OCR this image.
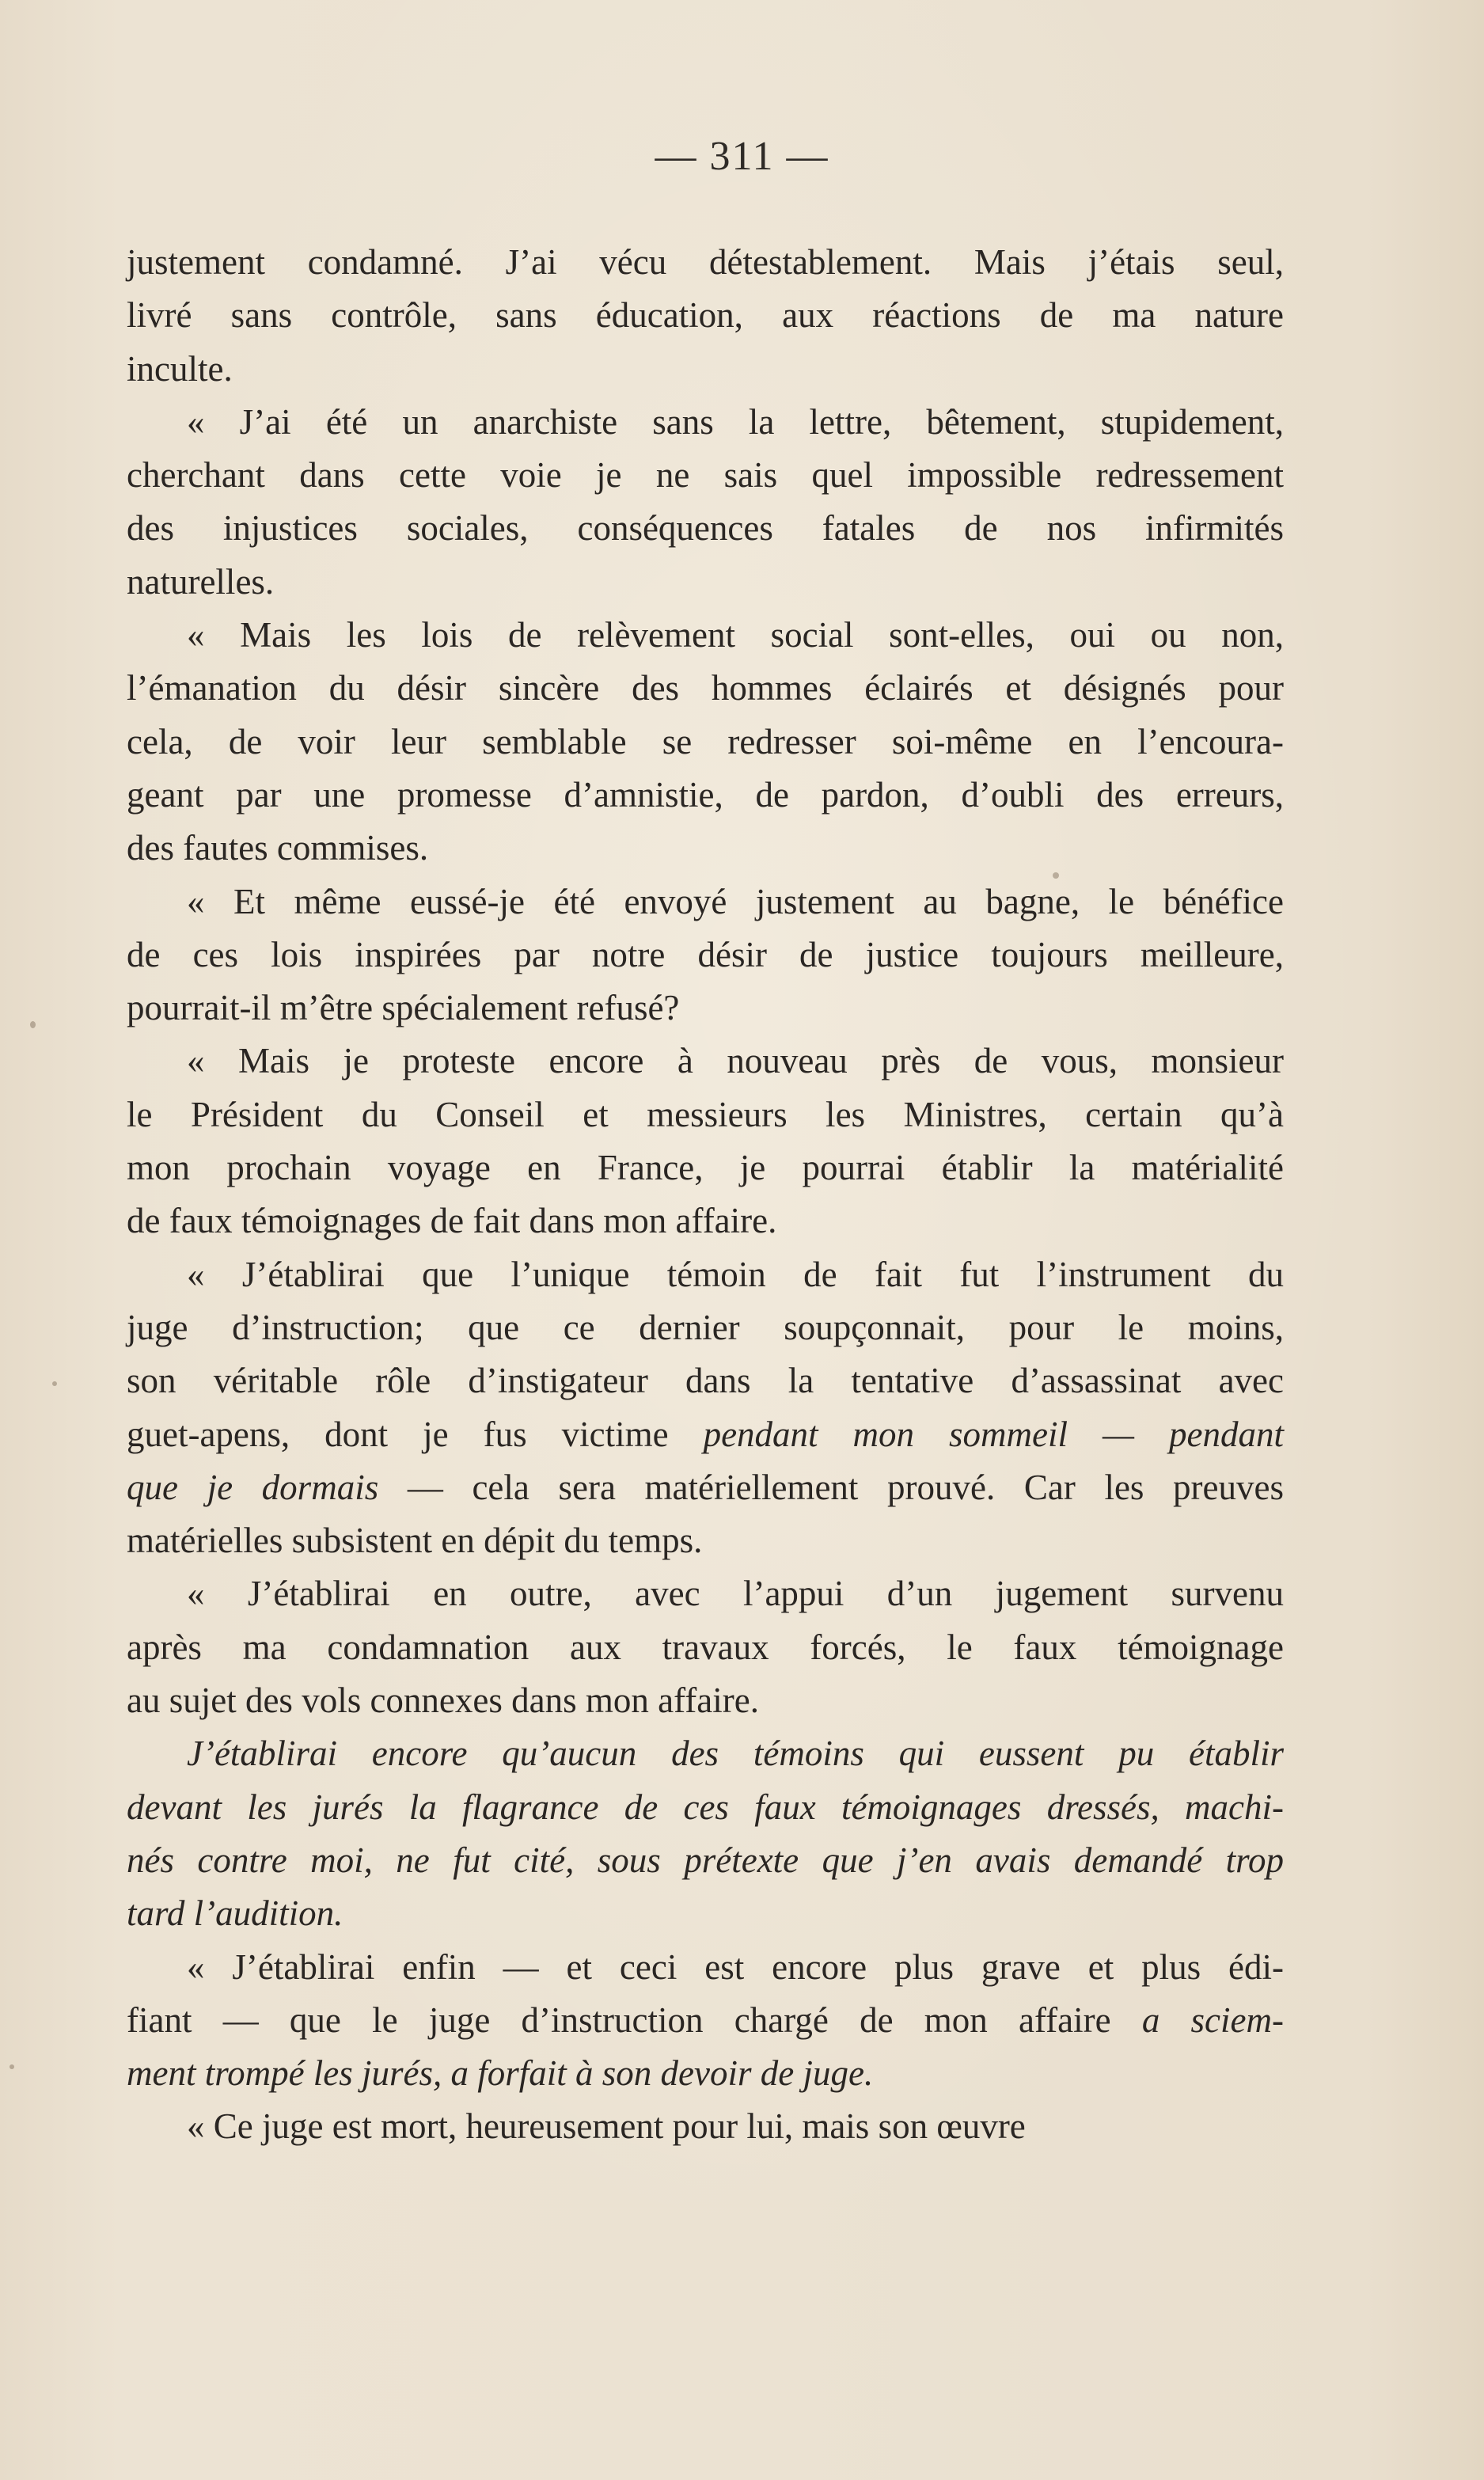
— 311 —
justement condamné. J’ai vécu détestablement. Mais j’étais seul,
livré sans contrôle, sans éducation, aux réactions de ma nature
inculte.
« J’ai été un anarchiste sans la lettre, bêtement, stupidement,
cherchant dans cette voie je ne sais quel impossible redressement
des injustices sociales, conséquences fatales de nos infirmités
naturelles.
« Mais les lois de relèvement social sont-elles, oui ou non,
l’émanation du désir sincère des hommes éclairés et désignés pour
cela, de voir leur semblable se redresser soi-même en l’encoura-
geant par une promesse d’amnistie, de pardon, d’oubli des erreurs,
des fautes commises.
« Et même eussé-je été envoyé justement au bagne, le bénéfice
de ces lois inspirées par notre désir de justice toujours meilleure,
pourrait-il m’être spécialement refusé?
« Mais je proteste encore à nouveau près de vous, monsieur
le Président du Conseil et messieurs les Ministres, certain qu’à
mon prochain voyage en France, je pourrai établir la matérialité
de faux témoignages de fait dans mon affaire.
« J’établirai que l’unique témoin de fait fut l’instrument du
juge d’instruction; que ce dernier soupçonnait, pour le moins,
son véritable rôle d’instigateur dans la tentative d’assassinat avec
guet-apens, dont je fus victime pendant mon sommeil — pendant
que je dormais — cela sera matériellement prouvé. Car les preuves
matérielles subsistent en dépit du temps.
« J’établirai en outre, avec l’appui d’un jugement survenu
après ma condamnation aux travaux forcés, le faux témoignage
au sujet des vols connexes dans mon affaire.
J’établirai encore qu’aucun des témoins qui eussent pu établir
devant les jurés la flagrance de ces faux témoignages dressés, machi-
nés contre moi, ne fut cité, sous prétexte que j’en avais demandé trop
tard l’audition.
« J’établirai enfin — et ceci est encore plus grave et plus édi-
fiant — que le juge d’instruction chargé de mon affaire a sciem-
ment trompé les jurés, a forfait à son devoir de juge.
« Ce juge est mort, heureusement pour lui, mais son œuvre
